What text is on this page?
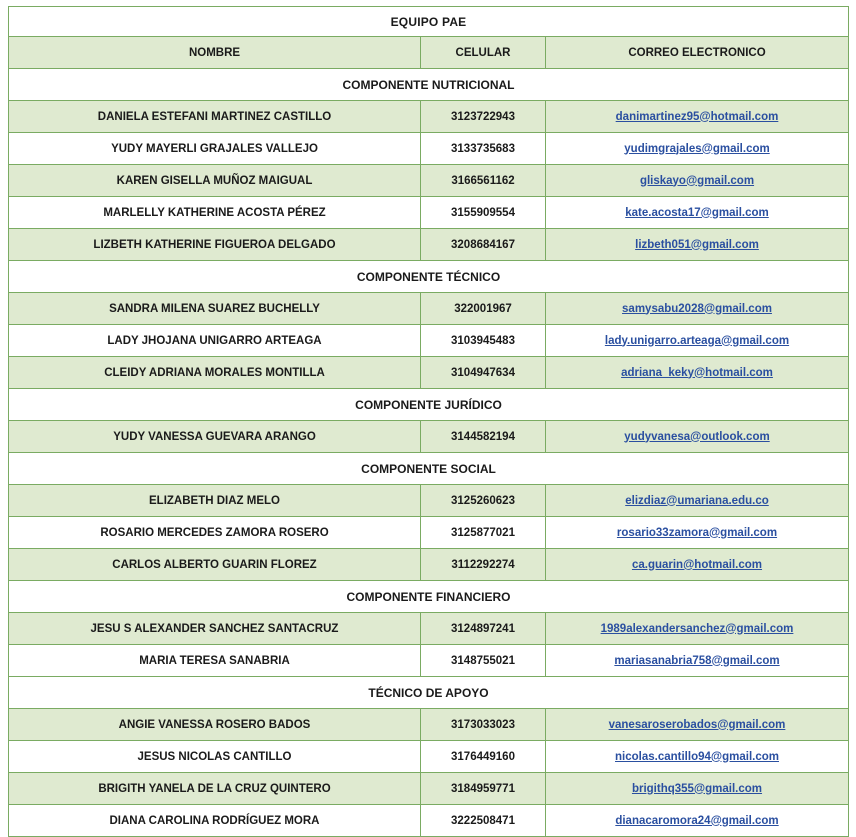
EQUIPO PAE		
NOMBRE	CELULAR	CORREO ELECTRONICO
COMPONENTE NUTRICIONAL		
DANIELA ESTEFANI MARTINEZ CASTILLO	3123722943	danimartinez95@hotmail.com
YUDY MAYERLI GRAJALES VALLEJO	3133735683	yudimgrajales@gmail.com
KAREN GISELLA MUÑOZ MAIGUAL	3166561162	gliskayo@gmail.com
MARLELLY KATHERINE ACOSTA PÉREZ	3155909554	kate.acosta17@gmail.com
LIZBETH KATHERINE FIGUEROA DELGADO	3208684167	lizbeth051@gmail.com
COMPONENTE TÉCNICO		
SANDRA MILENA SUAREZ BUCHELLY	322001967	samysabu2028@gmail.com
LADY JHOJANA UNIGARRO ARTEAGA	3103945483	lady.unigarro.arteaga@gmail.com
CLEIDY ADRIANA MORALES MONTILLA	3104947634	adriana_keky@hotmail.com
COMPONENTE JURÍDICO		
YUDY VANESSA GUEVARA ARANGO	3144582194	yudyvanesa@outlook.com
COMPONENTE SOCIAL		
ELIZABETH DIAZ MELO	3125260623	elizdiaz@umariana.edu.co
ROSARIO MERCEDES ZAMORA ROSERO	3125877021	rosario33zamora@gmail.com
CARLOS ALBERTO GUARIN FLOREZ	3112292274	ca.guarin@hotmail.com
COMPONENTE FINANCIERO		
JESU S ALEXANDER SANCHEZ SANTACRUZ	3124897241	1989alexandersanchez@gmail.com
MARIA TERESA SANABRIA	3148755021	mariasanabria758@gmail.com
TÉCNICO DE APOYO		
ANGIE VANESSA ROSERO BADOS	3173033023	vanesaroserobados@gmail.com
JESUS NICOLAS CANTILLO	3176449160	nicolas.cantillo94@gmail.com
BRIGITH YANELA DE LA CRUZ QUINTERO	3184959771	brigithq355@gmail.com
DIANA CAROLINA RODRÍGUEZ MORA	3222508471	dianacaromora24@gmail.com
